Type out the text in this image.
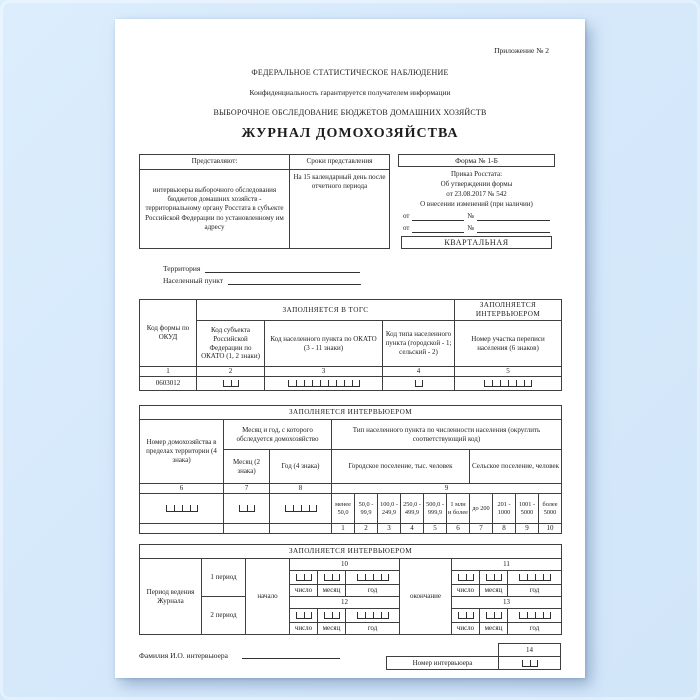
Приложение № 2
ФЕДЕРАЛЬНОЕ СТАТИСТИЧЕСКОЕ НАБЛЮДЕНИЕ
Конфиденциальность гарантируется получателем информации
ВЫБОРОЧНОЕ ОБСЛЕДОВАНИЕ БЮДЖЕТОВ ДОМАШНИХ ХОЗЯЙСТВ
ЖУРНАЛ ДОМОХОЗЯЙСТВА
Представляют:	Сроки представления
интервьюеры выборочного обследования бюджетов домашних хозяйств - территориальному органу Росстата в субъекте Российской Федерации по установленному им адресу	На 15 календарный день после отчетного периода
Форма № 1-Б
Приказ Росстата:
Об утверждении формы
от 23.08.2017 № 542
О внесении изменений (при наличии)
от	№
от	№
КВАРТАЛЬНАЯ
Территория
Населенный пункт
Код формы по ОКУД	ЗАПОЛНЯЕТСЯ В ТОГС			ЗАПОЛНЯЕТСЯ ИНТЕРВЬЮЕРОМ
	Код субъекта Российской Федерации по ОКАТО (1, 2 знаки)	Код населенного пункта по ОКАТО (3 - 11 знаки)	Код типа населенного пункта (городской - 1; сельский - 2)	Номер участка переписи населения (6 знаков)
1	2	3	4	5
0603012	

ЗАПОЛНЯЕТСЯ ИНТЕРВЬЮЕРОМ												
Номер домохозяйства в пределах территории (4 знака)	Месяц и год, с которого обследуется домохозяйство		Тип населенного пункта по численности населения (округлить соответствующий код)									
	Месяц (2 знака)	Год (4 знака)	Городское поселение, тыс. человек						Сельское поселение, человек			
6	7	8	9									

	менее 50,0	50,0 - 99,9	100,0 - 249,9	250,0 - 499,9	500,0 - 999,9	1 млн и более	до 200	201 - 1000	1001 - 5000	более 5000
			1	2	3	4	5	6	7	8	9	10
ЗАПОЛНЯЕТСЯ ИНТЕРВЬЮЕРОМ									
Период ведения Журнала	1 период	начало	10			окончание	11		

			число	месяц	год		число	месяц	год
	2 период		12				13		

			число	месяц	год		число	месяц	год
Фамилия И.О. интервьюера
	14
Номер интервьюера	
